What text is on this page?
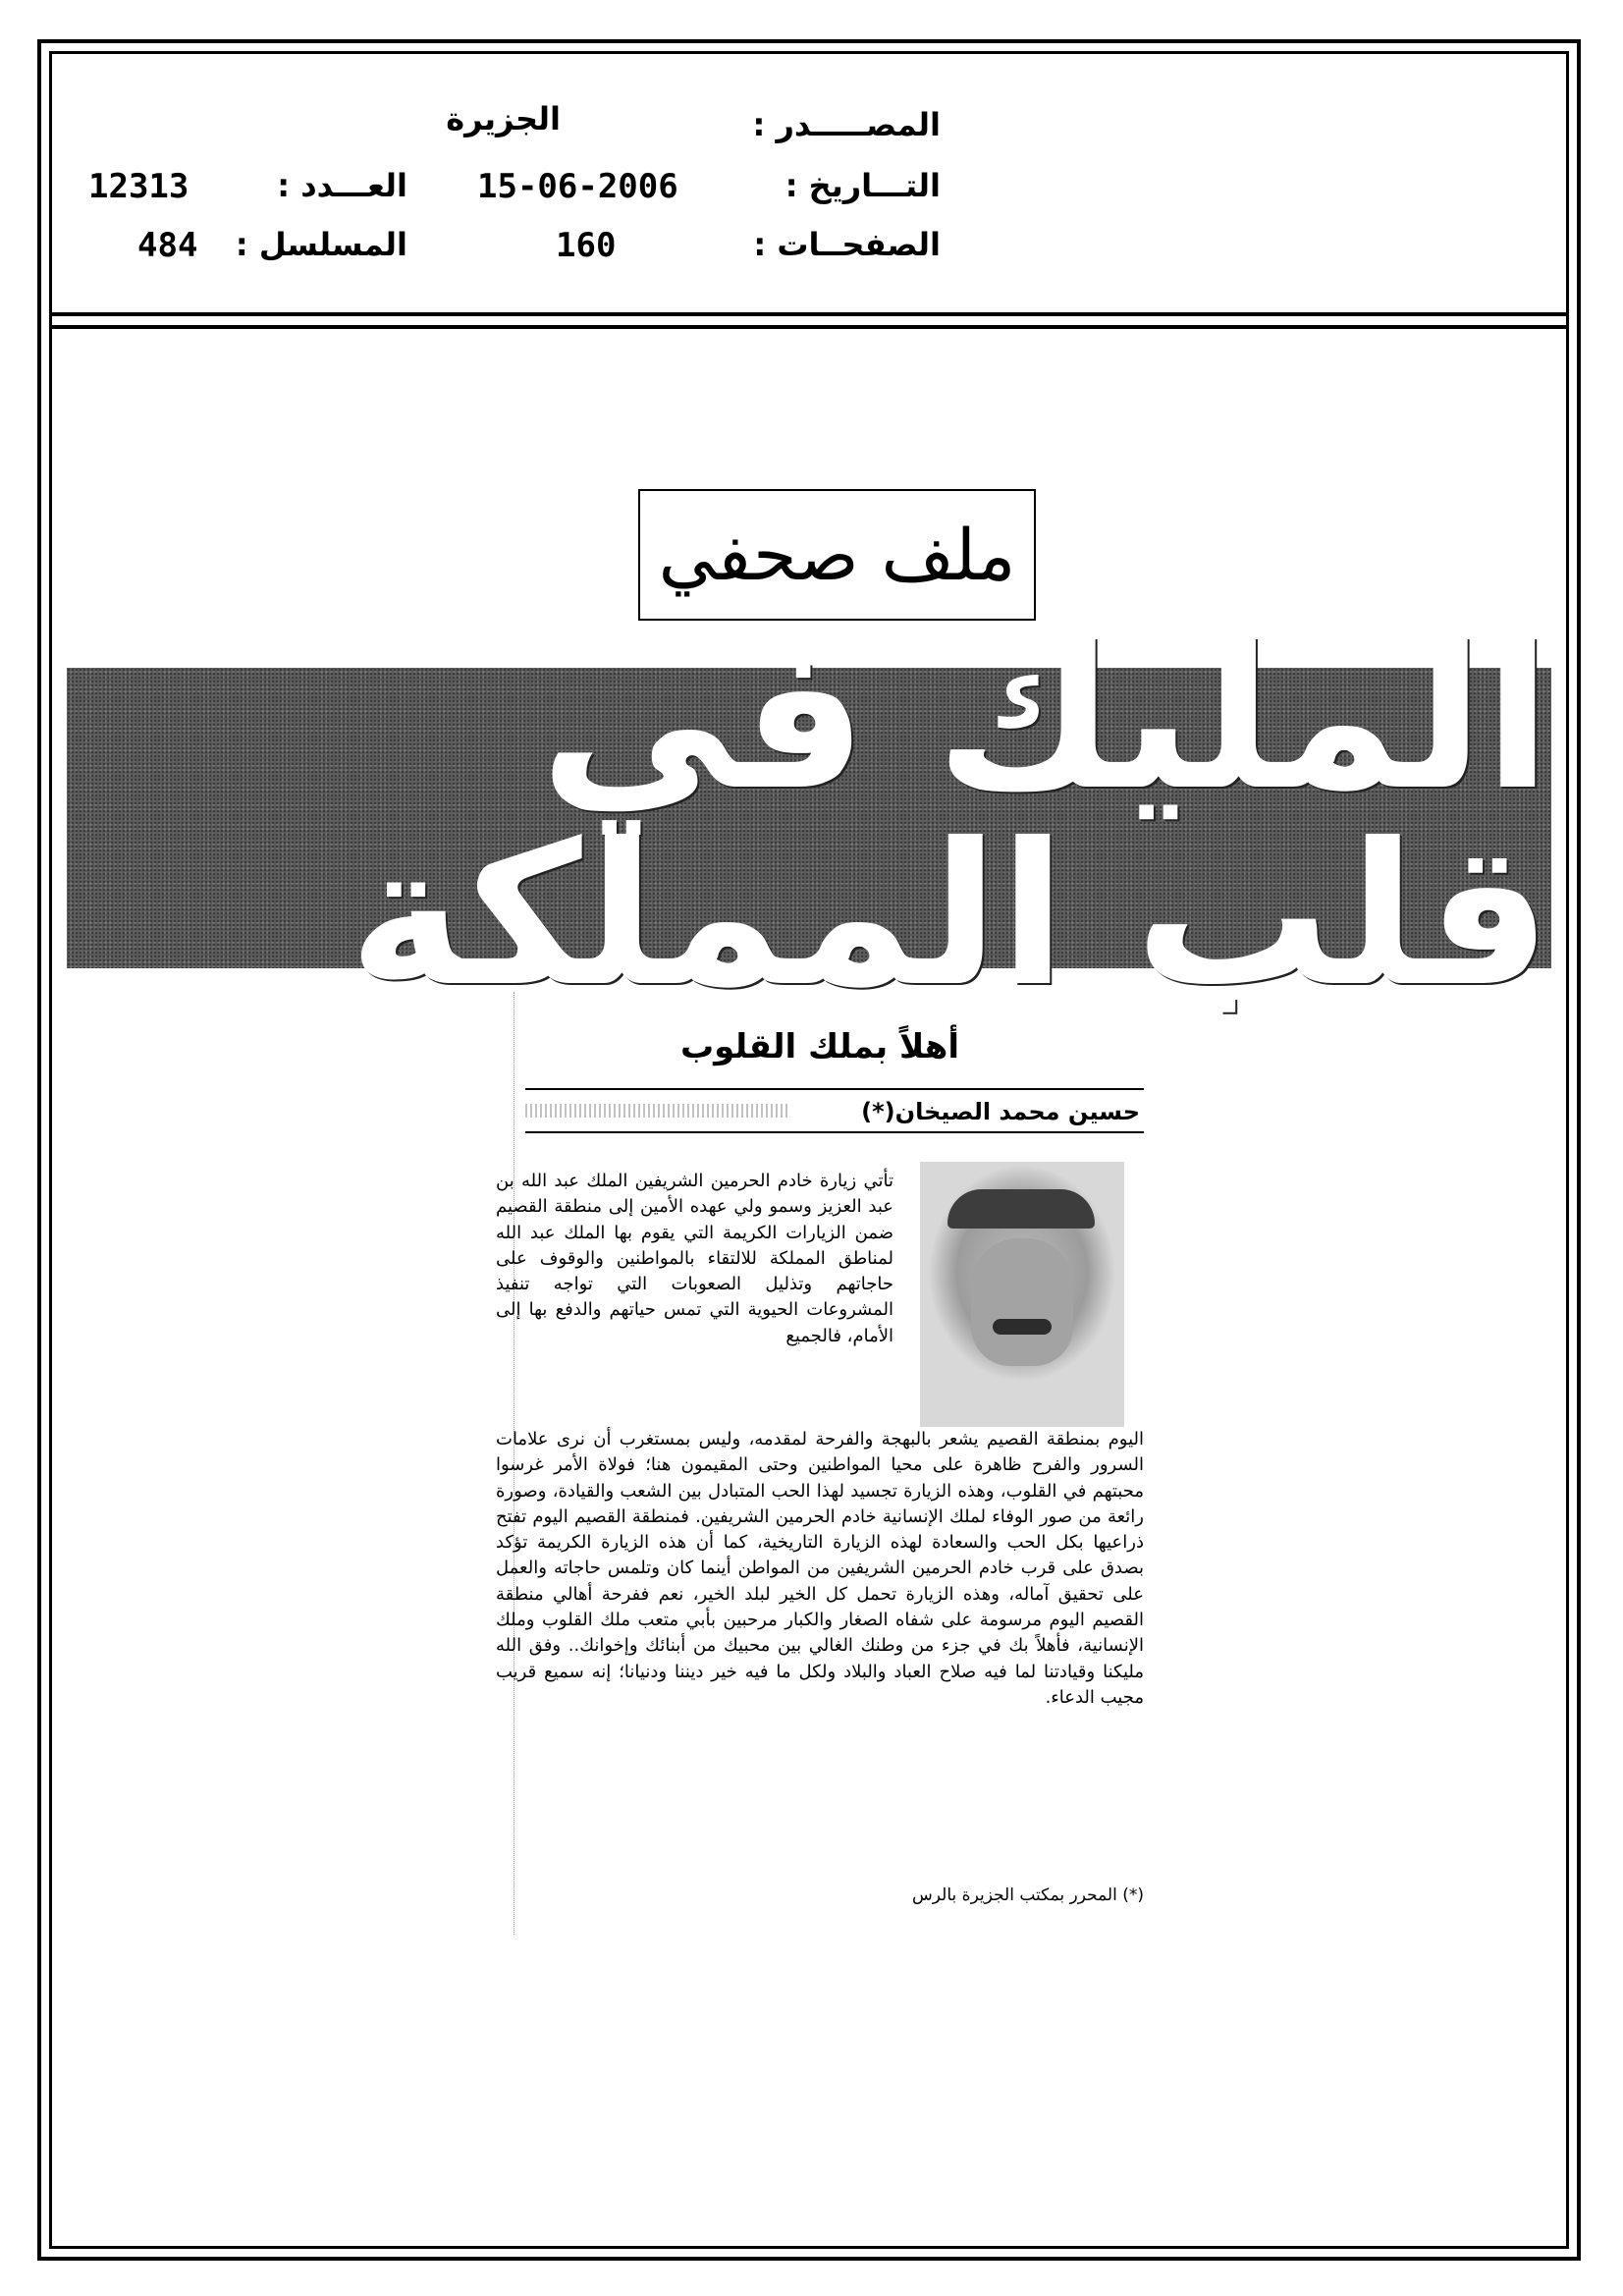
المصـــــدر :
الجزيرة
التـــاريخ :
15-06-2006
العـــدد :
12313
الصفحــات :
160
المسلسل :
484
ملف صحفي
المليك في قلب المملكة
أهلاً بملك القلوب
حسين محمد الصيخان(*)
تأتي زيارة خادم الحرمين الشريفين الملك عبد الله بن عبد العزيز وسمو ولي عهده الأمين إلى منطقة القصيم ضمن الزيارات الكريمة التي يقوم بها الملك عبد الله لمناطق المملكة للالتقاء بالمواطنين والوقوف على حاجاتهم وتذليل الصعوبات التي تواجه تنفيذ المشروعات الحيوية التي تمس حياتهم والدفع بها إلى الأمام، فالجميع
اليوم بمنطقة القصيم يشعر بالبهجة والفرحة لمقدمه، وليس بمستغرب أن نرى علامات السرور والفرح ظاهرة على محيا المواطنين وحتى المقيمون هنا؛ فولاة الأمر غرسوا محبتهم في القلوب، وهذه الزيارة تجسيد لهذا الحب المتبادل بين الشعب والقيادة، وصورة رائعة من صور الوفاء لملك الإنسانية خادم الحرمين الشريفين. فمنطقة القصيم اليوم تفتح ذراعيها بكل الحب والسعادة لهذه الزيارة التاريخية، كما أن هذه الزيارة الكريمة تؤكد بصدق على قرب خادم الحرمين الشريفين من المواطن أينما كان وتلمس حاجاته والعمل على تحقيق آماله، وهذه الزيارة تحمل كل الخير لبلد الخير، نعم ففرحة أهالي منطقة القصيم اليوم مرسومة على شفاه الصغار والكبار مرحبين بأبي متعب ملك القلوب وملك الإنسانية، فأهلاً بك في جزء من وطنك الغالي بين محبيك من أبنائك وإخوانك.. وفق الله مليكنا وقيادتنا لما فيه صلاح العباد والبلاد ولكل ما فيه خير ديننا ودنيانا؛ إنه سميع قريب مجيب الدعاء.
(*) المحرر بمكتب الجزيرة بالرس
